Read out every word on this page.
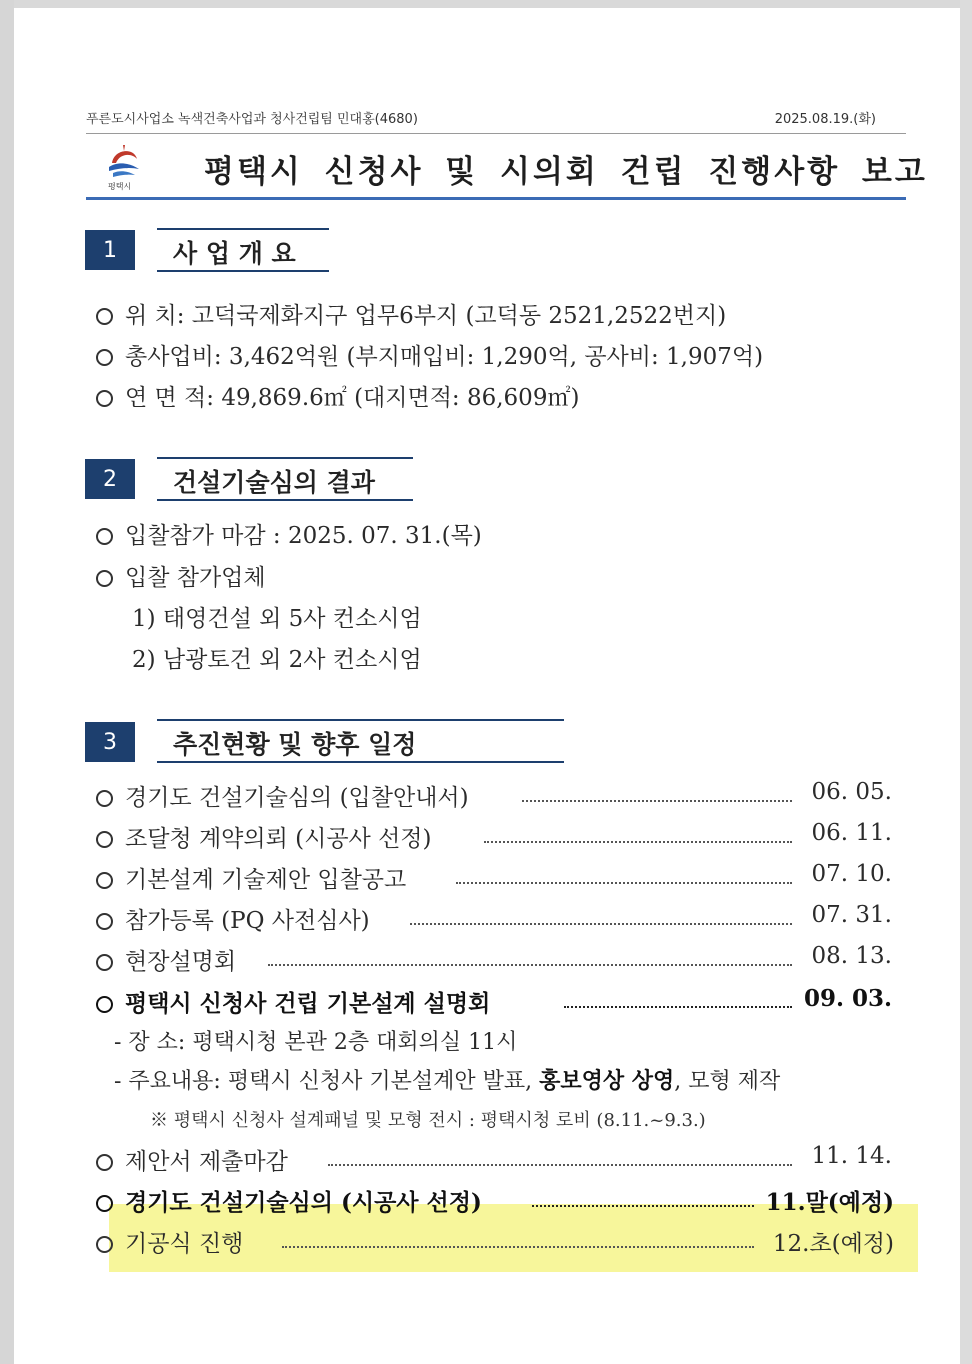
푸른도시사업소 녹색건축사업과 청사건립팀 민대홍(4680)	2025.08.19.(화)
평택시 평택시 신청사 및 시의회 건립 진행사항 보고
1	사 업 개 요
위 치: 고덕국제화지구 업무6부지 (고덕동 2521,2522번지)
총사업비: 3,462억원 (부지매입비: 1,290억, 공사비: 1,907억)
연 면 적: 49,869.6㎡ (대지면적: 86,609㎡)
2	건설기술심의 결과
입찰참가 마감 : 2025. 07. 31.(목)
입찰 참가업체
1) 태영건설 외 5사 컨소시엄
2) 남광토건 외 2사 컨소시엄
3	추진현황 및 향후 일정
경기도 건설기술심의 (입찰안내서)	06. 05.
조달청 계약의뢰 (시공사 선정)	06. 11.
기본설계 기술제안 입찰공고	07. 10.
참가등록 (PQ 사전심사)	07. 31.
현장설명회	08. 13.
평택시 신청사 건립 기본설계 설명회	09. 03.
- 장 소: 평택시청 본관 2층 대회의실 11시
- 주요내용: 평택시 신청사 기본설계안 발표, 홍보영상 상영, 모형 제작
※ 평택시 신청사 설계패널 및 모형 전시 : 평택시청 로비 (8.11.~9.3.)
제안서 제출마감	11. 14.
경기도 건설기술심의 (시공사 선정)	11.말(예정)
기공식 진행	12.초(예정)
